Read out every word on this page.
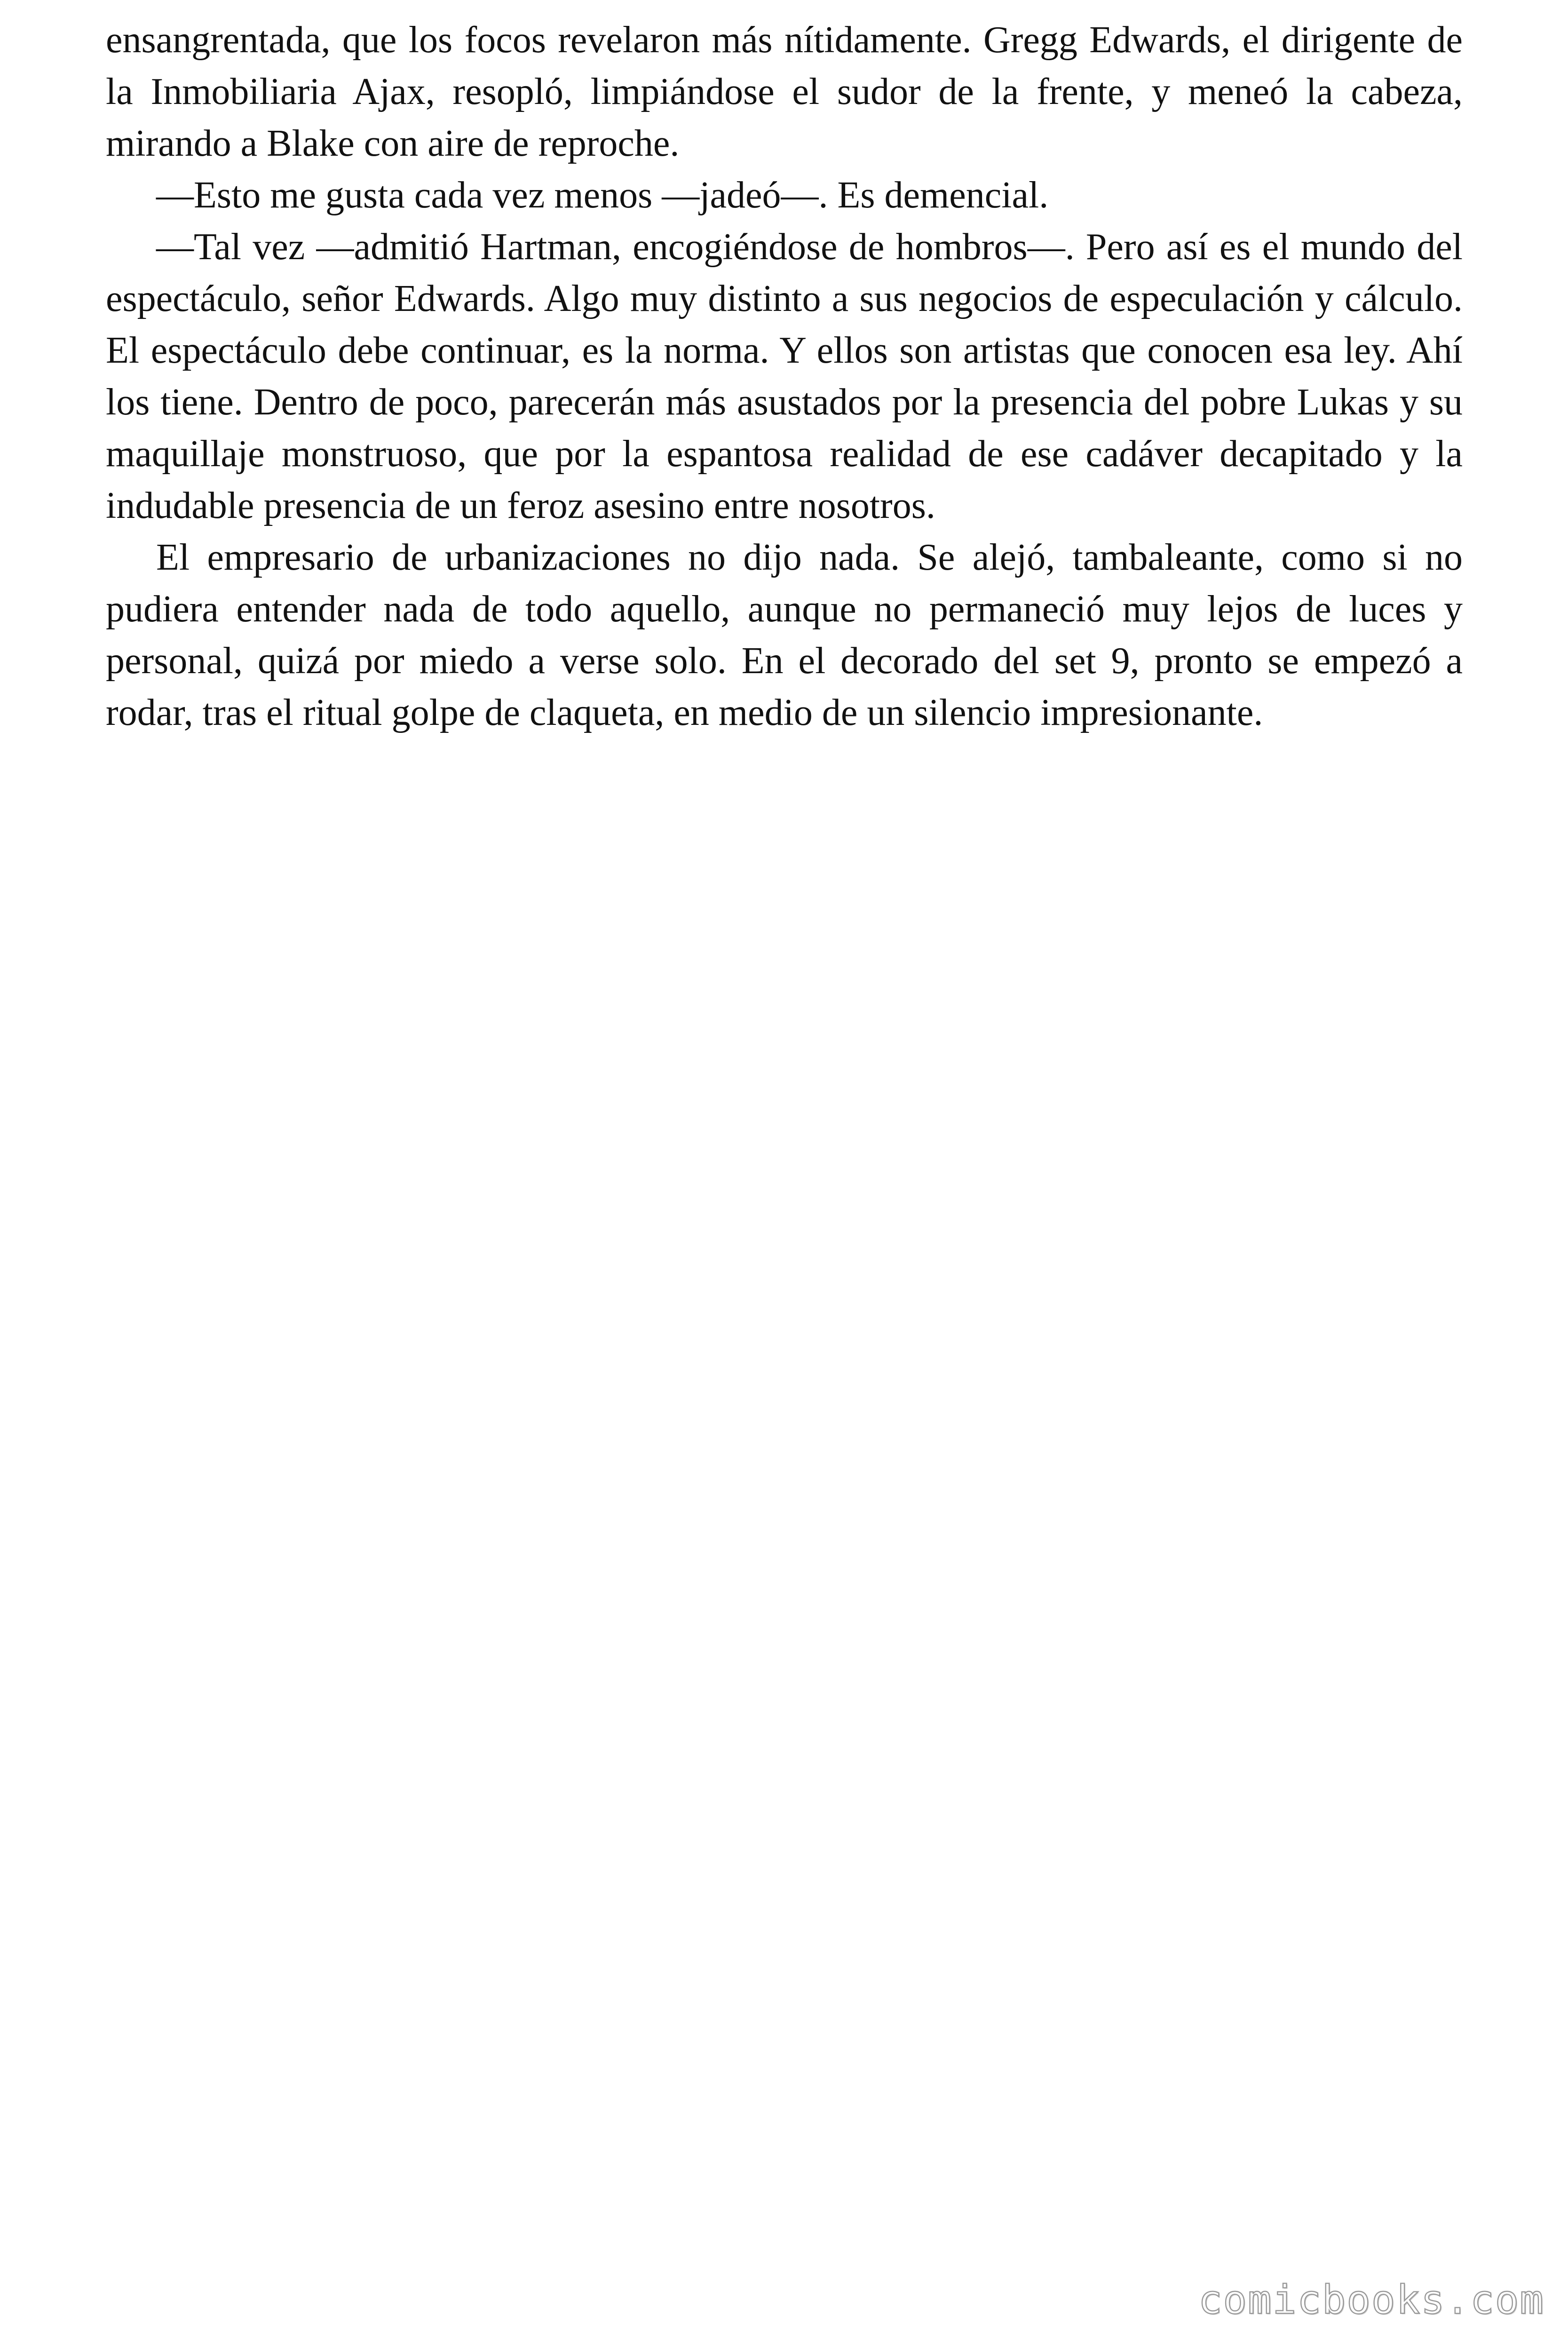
ensangrentada, que los focos revelaron más nítidamente. Gregg Edwards, el dirigente de la Inmobiliaria Ajax, resopló, limpiándose el sudor de la frente, y meneó la cabeza, mirando a Blake con aire de reproche.

—Esto me gusta cada vez menos —jadeó—. Es demencial.

—Tal vez —admitió Hartman, encogiéndose de hombros—. Pero así es el mundo del espectáculo, señor Edwards. Algo muy distinto a sus negocios de especulación y cálculo. El espectáculo debe continuar, es la norma. Y ellos son artistas que conocen esa ley. Ahí los tiene. Dentro de poco, parecerán más asustados por la presencia del pobre Lukas y su maquillaje monstruoso, que por la espantosa realidad de ese cadáver decapitado y la indudable presencia de un feroz asesino entre nosotros.

El empresario de urbanizaciones no dijo nada. Se alejó, tambaleante, como si no pudiera entender nada de todo aquello, aunque no permaneció muy lejos de luces y personal, quizá por miedo a verse solo. En el decorado del set 9, pronto se empezó a rodar, tras el ritual golpe de claqueta, en medio de un silencio impresionante.

comicbooks.com
